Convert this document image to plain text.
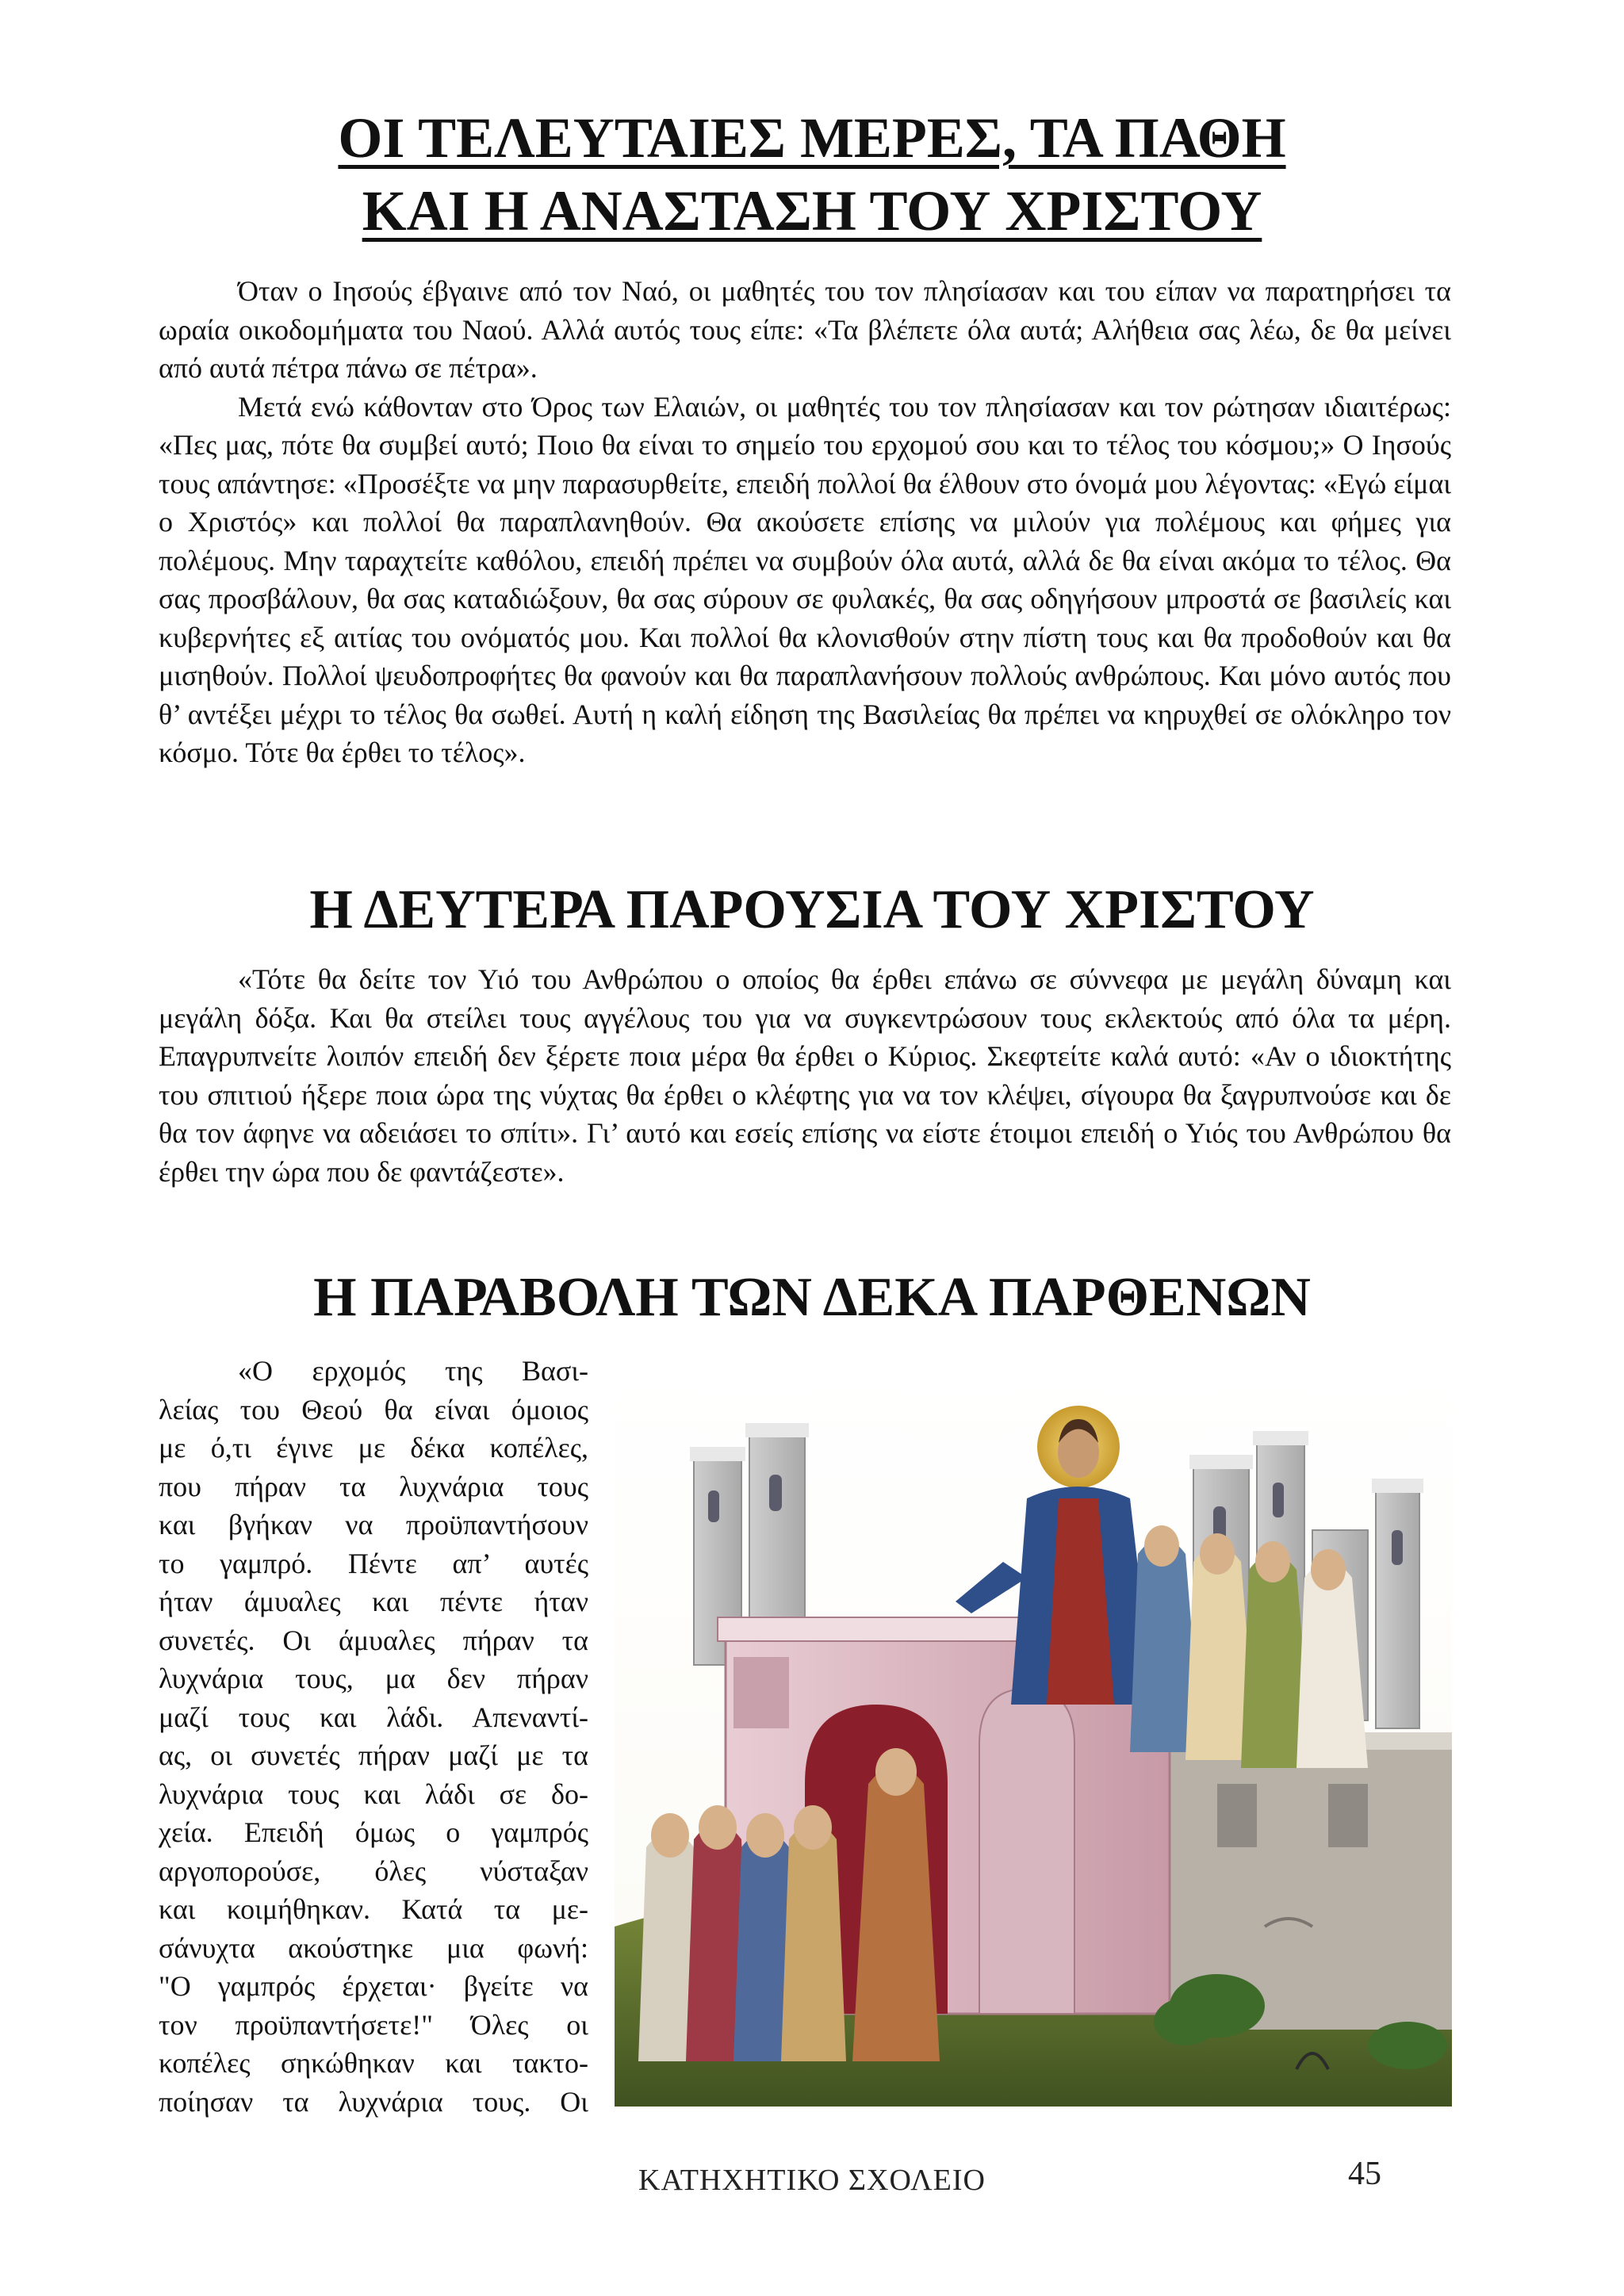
ΟΙ ΤΕΛΕΥΤΑΙΕΣ ΜΕΡΕΣ, ΤΑ ΠΑΘΗ
ΚΑΙ Η ΑΝΑΣΤΑΣΗ ΤΟΥ ΧΡΙΣΤΟΥ

Όταν ο Ιησούς έβγαινε από τον Ναό, οι μαθητές του τον πλησίασαν και του είπαν να παρατηρήσει τα ωραία οικοδομήματα του Ναού. Αλλά αυτός τους είπε: «Τα βλέπετε όλα αυτά; Αλήθεια σας λέω, δε θα μείνει από αυτά πέτρα πάνω σε πέτρα».

Μετά ενώ κάθονταν στο Όρος των Ελαιών, οι μαθητές του τον πλησίασαν και τον ρώτησαν ιδιαιτέρως: «Πες μας, πότε θα συμβεί αυτό; Ποιο θα είναι το σημείο του ερχομού σου και το τέλος του κόσμου;» Ο Ιησούς τους απάντησε: «Προσέξτε να μην παρασυρθείτε, επειδή πολλοί θα έλθουν στο όνομά μου λέγοντας: «Εγώ είμαι ο Χριστός» και πολλοί θα παραπλανηθούν. Θα ακούσετε επίσης να μιλούν για πολέμους και φήμες για πολέμους. Μην ταραχτείτε καθόλου, επειδή πρέπει να συμβούν όλα αυτά, αλλά δε θα είναι ακόμα το τέλος. Θα σας προσβάλουν, θα σας καταδιώξουν, θα σας σύρουν σε φυλακές, θα σας οδηγήσουν μπροστά σε βασιλείς και κυβερνήτες εξ αιτίας του ονόματός μου. Και πολλοί θα κλονισθούν στην πίστη τους και θα προδοθούν και θα μισηθούν. Πολλοί ψευδοπροφήτες θα φανούν και θα παραπλανήσουν πολλούς ανθρώπους. Και μόνο αυτός που θ’ αντέξει μέχρι το τέλος θα σωθεί. Αυτή η καλή είδηση της Βασιλείας θα πρέπει να κηρυχθεί σε ολόκληρο τον κόσμο. Τότε θα έρθει το τέλος».

Η ΔΕΥΤΕΡΑ ΠΑΡΟΥΣΙΑ ΤΟΥ ΧΡΙΣΤΟΥ

«Τότε θα δείτε τον Υιό του Ανθρώπου ο οποίος θα έρθει επάνω σε σύννεφα με μεγάλη δύναμη και μεγάλη δόξα. Και θα στείλει τους αγγέλους του για να συγκεντρώσουν τους εκλεκτούς από όλα τα μέρη. Επαγρυπνείτε λοιπόν επειδή δεν ξέρετε ποια μέρα θα έρθει ο Κύριος. Σκεφτείτε καλά αυτό: «Αν ο ιδιοκτήτης του σπιτιού ήξερε ποια ώρα της νύχτας θα έρθει ο κλέφτης για να τον κλέψει, σίγουρα θα ξαγρυπνούσε και δε θα τον άφηνε να αδειάσει το σπίτι». Γι’ αυτό και εσείς επίσης να είστε έτοιμοι επειδή ο Υιός του Ανθρώπου θα έρθει την ώρα που δε φαντάζεστε».

Η ΠΑΡΑΒΟΛΗ ΤΩΝ ΔΕΚΑ ΠΑΡΘΕΝΩΝ

«Ο ερχομός της Βασι-
λείας του Θεού θα είναι όμοιος
με ό,τι έγινε με δέκα κοπέλες,
που πήραν τα λυχνάρια τους
και βγήκαν να προϋπαντήσουν
το γαμπρό. Πέντε απ’ αυτές
ήταν άμυαλες και πέντε ήταν
συνετές. Οι άμυαλες πήραν τα
λυχνάρια τους, μα δεν πήραν
μαζί τους και λάδι. Απεναντί-
ας, οι συνετές πήραν μαζί με τα
λυχνάρια τους και λάδι σε δο-
χεία. Επειδή όμως ο γαμπρός
αργοπορούσε, όλες νύσταξαν
και κοιμήθηκαν. Κατά τα με-
σάνυχτα ακούστηκε μια φωνή:
"Ο γαμπρός έρχεται· βγείτε να
τον προϋπαντήσετε!" Όλες οι
κοπέλες σηκώθηκαν και τακτο-
ποίησαν τα λυχνάρια τους. Οι

ΚΑΤΗΧΗΤΙΚΟ ΣΧΟΛΕΙΟ	45
